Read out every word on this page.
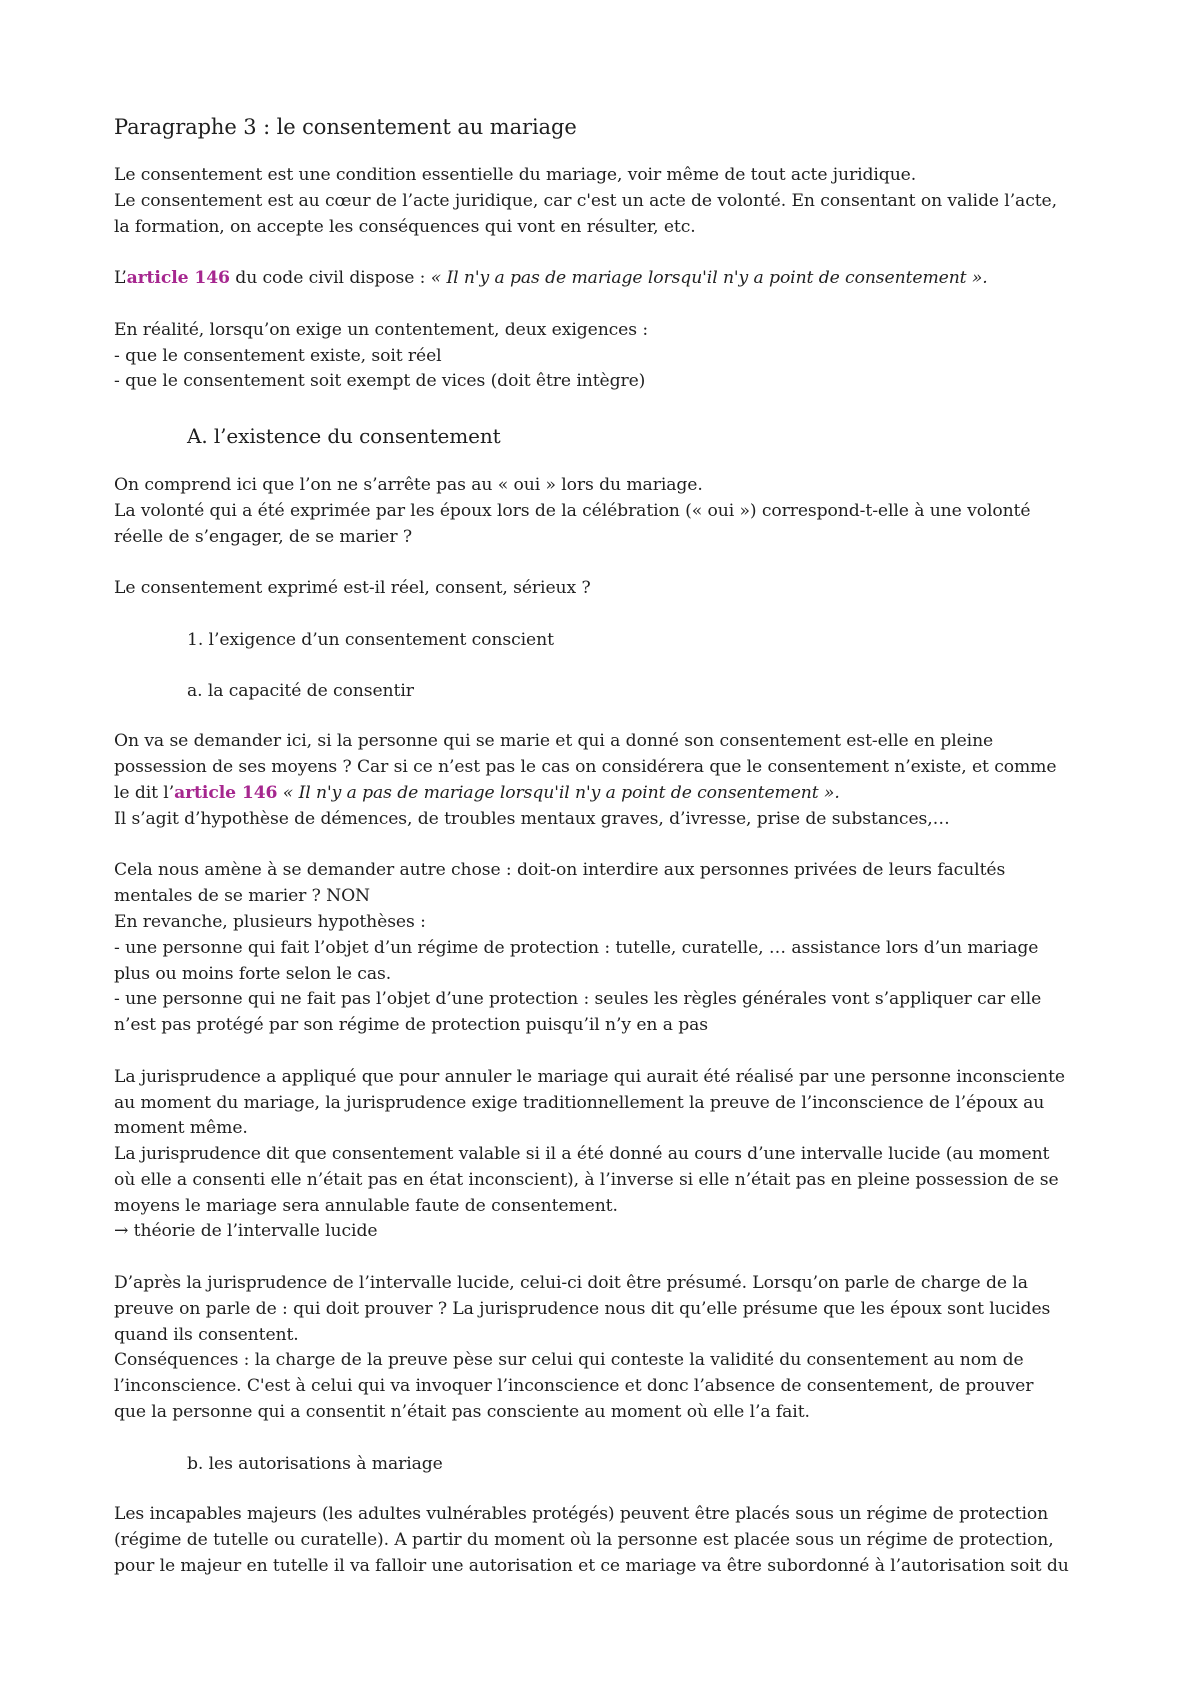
Paragraphe 3 : le consentement au mariage

Le consentement est une condition essentielle du mariage, voir même de tout acte juridique.
Le consentement est au cœur de l’acte juridique, car c'est un acte de volonté. En consentant on valide l’acte,
la formation, on accepte les conséquences qui vont en résulter, etc.

L’article 146 du code civil dispose : « Il n'y a pas de mariage lorsqu'il n'y a point de consentement ».

En réalité, lorsqu’on exige un contentement, deux exigences :
- que le consentement existe, soit réel
- que le consentement soit exempt de vices (doit être intègre)

A. l’existence du consentement

On comprend ici que l’on ne s’arrête pas au « oui » lors du mariage.
La volonté qui a été exprimée par les époux lors de la célébration (« oui ») correspond-t-elle à une volonté
réelle de s’engager, de se marier ?

Le consentement exprimé est-il réel, consent, sérieux ?

1. l’exigence d’un consentement conscient
a. la capacité de consentir

On va se demander ici, si la personne qui se marie et qui a donné son consentement est-elle en pleine
possession de ses moyens ? Car si ce n’est pas le cas on considérera que le consentement n’existe, et comme
le dit l’article 146 « Il n'y a pas de mariage lorsqu'il n'y a point de consentement ».
Il s’agit d’hypothèse de démences, de troubles mentaux graves, d’ivresse, prise de substances,…

Cela nous amène à se demander autre chose : doit-on interdire aux personnes privées de leurs facultés
mentales de se marier ? NON
En revanche, plusieurs hypothèses :
- une personne qui fait l’objet d’un régime de protection : tutelle, curatelle, … assistance lors d’un mariage
plus ou moins forte selon le cas.
- une personne qui ne fait pas l’objet d’une protection : seules les règles générales vont s’appliquer car elle
n’est pas protégé par son régime de protection puisqu’il n’y en a pas

La jurisprudence a appliqué que pour annuler le mariage qui aurait été réalisé par une personne inconsciente
au moment du mariage, la jurisprudence exige traditionnellement la preuve de l’inconscience de l’époux au
moment même.
La jurisprudence dit que consentement valable si il a été donné au cours d’une intervalle lucide (au moment
où elle a consenti elle n’était pas en état inconscient), à l’inverse si elle n’était pas en pleine possession de se
moyens le mariage sera annulable faute de consentement.
→ théorie de l’intervalle lucide

D’après la jurisprudence de l’intervalle lucide, celui-ci doit être présumé. Lorsqu’on parle de charge de la
preuve on parle de : qui doit prouver ? La jurisprudence nous dit qu’elle présume que les époux sont lucides
quand ils consentent.
Conséquences : la charge de la preuve pèse sur celui qui conteste la validité du consentement au nom de
l’inconscience. C'est à celui qui va invoquer l’inconscience et donc l’absence de consentement, de prouver
que la personne qui a consentit n’était pas consciente au moment où elle l’a fait.

b. les autorisations à mariage

Les incapables majeurs (les adultes vulnérables protégés) peuvent être placés sous un régime de protection
(régime de tutelle ou curatelle). A partir du moment où la personne est placée sous un régime de protection,
pour le majeur en tutelle il va falloir une autorisation et ce mariage va être subordonné à l’autorisation soit du
